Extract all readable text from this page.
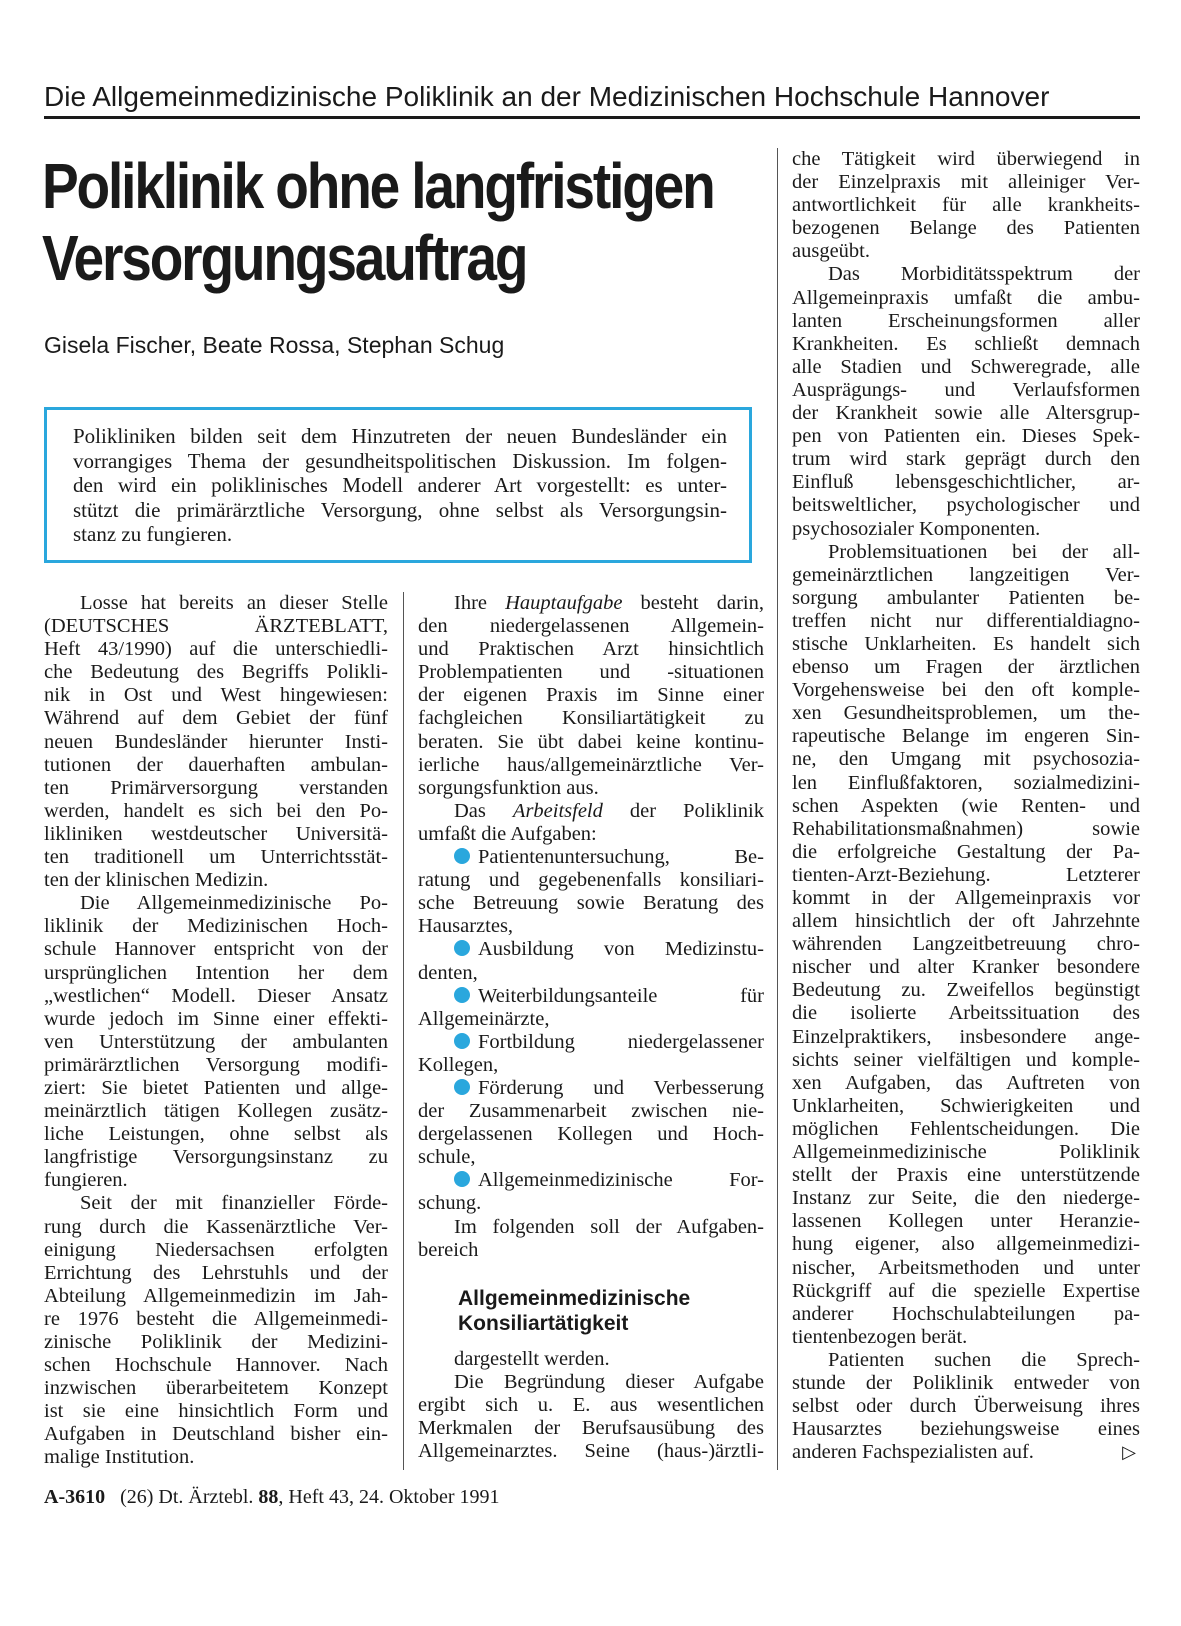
Die Allgemeinmedizinische Poliklinik an der Medizinischen Hochschule Hannover
Poliklinik ohne langfristigen
Versorgungsauftrag
Gisela Fischer, Beate Rossa, Stephan Schug
Polikliniken bilden seit dem Hinzutreten der neuen Bundesländer ein
vorrangiges Thema der gesundheitspolitischen Diskussion. Im folgen-
den wird ein poliklinisches Modell anderer Art vorgestellt: es unter-
stützt die primärärztliche Versorgung, ohne selbst als Versorgungsin-
stanz zu fungieren.
Losse hat bereits an dieser Stelle
(DEUTSCHES ÄRZTEBLATT,
Heft 43/1990) auf die unterschiedli-
che Bedeutung des Begriffs Polikli-
nik in Ost und West hingewiesen:
Während auf dem Gebiet der fünf
neuen Bundesländer hierunter Insti-
tutionen der dauerhaften ambulan-
ten Primärversorgung verstanden
werden, handelt es sich bei den Po-
likliniken westdeutscher Universitä-
ten traditionell um Unterrichtsstät-
ten der klinischen Medizin.
Die Allgemeinmedizinische Po-
liklinik der Medizinischen Hoch-
schule Hannover entspricht von der
ursprünglichen Intention her dem
„westlichen“ Modell. Dieser Ansatz
wurde jedoch im Sinne einer effekti-
ven Unterstützung der ambulanten
primärärztlichen Versorgung modifi-
ziert: Sie bietet Patienten und allge-
meinärztlich tätigen Kollegen zusätz-
liche Leistungen, ohne selbst als
langfristige Versorgungsinstanz zu
fungieren.
Seit der mit finanzieller Förde-
rung durch die Kassenärztliche Ver-
einigung Niedersachsen erfolgten
Errichtung des Lehrstuhls und der
Abteilung Allgemeinmedizin im Jah-
re 1976 besteht die Allgemeinmedi-
zinische Poliklinik der Medizini-
schen Hochschule Hannover. Nach
inzwischen überarbeitetem Konzept
ist sie eine hinsichtlich Form und
Aufgaben in Deutschland bisher ein-
malige Institution.
Ihre Hauptaufgabe besteht darin,
den niedergelassenen Allgemein-
und Praktischen Arzt hinsichtlich
Problempatienten und -situationen
der eigenen Praxis im Sinne einer
fachgleichen Konsiliartätigkeit zu
beraten. Sie übt dabei keine kontinu-
ierliche haus/allgemeinärztliche Ver-
sorgungsfunktion aus.
Das Arbeitsfeld der Poliklinik
umfaßt die Aufgaben:
Patientenuntersuchung, Be-
ratung und gegebenenfalls konsiliari-
sche Betreuung sowie Beratung des
Hausarztes,
Ausbildung von Medizinstu-
denten,
Weiterbildungsanteile für
Allgemeinärzte,
Fortbildung niedergelassener
Kollegen,
Förderung und Verbesserung
der Zusammenarbeit zwischen nie-
dergelassenen Kollegen und Hoch-
schule,
Allgemeinmedizinische For-
schung.
Im folgenden soll der Aufgaben-
bereich
Allgemeinmedizinische
Konsiliartätigkeit
dargestellt werden.
Die Begründung dieser Aufgabe
ergibt sich u. E. aus wesentlichen
Merkmalen der Berufsausübung des
Allgemeinarztes. Seine (haus-)ärztli-
che Tätigkeit wird überwiegend in
der Einzelpraxis mit alleiniger Ver-
antwortlichkeit für alle krankheits-
bezogenen Belange des Patienten
ausgeübt.
Das Morbiditätsspektrum der
Allgemeinpraxis umfaßt die ambu-
lanten Erscheinungsformen aller
Krankheiten. Es schließt demnach
alle Stadien und Schweregrade, alle
Ausprägungs- und Verlaufsformen
der Krankheit sowie alle Altersgrup-
pen von Patienten ein. Dieses Spek-
trum wird stark geprägt durch den
Einfluß lebensgeschichtlicher, ar-
beitsweltlicher, psychologischer und
psychosozialer Komponenten.
Problemsituationen bei der all-
gemeinärztlichen langzeitigen Ver-
sorgung ambulanter Patienten be-
treffen nicht nur differentialdiagno-
stische Unklarheiten. Es handelt sich
ebenso um Fragen der ärztlichen
Vorgehensweise bei den oft komple-
xen Gesundheitsproblemen, um the-
rapeutische Belange im engeren Sin-
ne, den Umgang mit psychosozia-
len Einflußfaktoren, sozialmedizini-
schen Aspekten (wie Renten- und
Rehabilitationsmaßnahmen) sowie
die erfolgreiche Gestaltung der Pa-
tienten-Arzt-Beziehung. Letzterer
kommt in der Allgemeinpraxis vor
allem hinsichtlich der oft Jahrzehnte
währenden Langzeitbetreuung chro-
nischer und alter Kranker besondere
Bedeutung zu. Zweifellos begünstigt
die isolierte Arbeitssituation des
Einzelpraktikers, insbesondere ange-
sichts seiner vielfältigen und komple-
xen Aufgaben, das Auftreten von
Unklarheiten, Schwierigkeiten und
möglichen Fehlentscheidungen. Die
Allgemeinmedizinische Poliklinik
stellt der Praxis eine unterstützende
Instanz zur Seite, die den niederge-
lassenen Kollegen unter Heranzie-
hung eigener, also allgemeinmedizi-
nischer, Arbeitsmethoden und unter
Rückgriff auf die spezielle Expertise
anderer Hochschulabteilungen pa-
tientenbezogen berät.
Patienten suchen die Sprech-
stunde der Poliklinik entweder von
selbst oder durch Überweisung ihres
Hausarztes beziehungsweise eines
anderen Fachspezialisten auf.	▷
A-3610 (26) Dt. Ärztebl. 88, Heft 43, 24. Oktober 1991
